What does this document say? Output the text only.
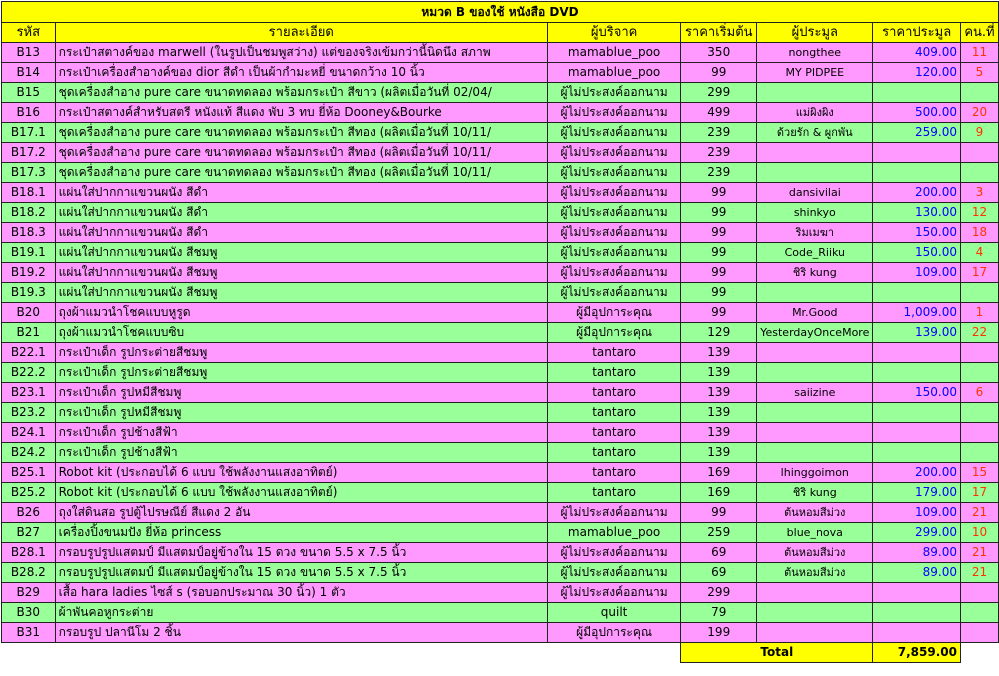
หมวด B ของใช้ หนังสือ DVD						
รหัส	รายละเอียด	ผู้บริจาค	ราคาเริ่มต้น	ผู้ประมูล	ราคาประมูล	คน.ที่
B13	กระเป๋าสตางค์ของ marwell (ในรูปเป็นชมพูสว่าง) แต่ของจริงเข้มกว่านี้นิดนึง สภาพ	mamablue_poo	350	nongthee	409.00	11
B14	กระเป๋าเครื่องสำอางค์ของ dior สีดำ เป็นผ้ากำมะหยี่ ขนาดกว้าง 10 นิ้ว	mamablue_poo	99	MY PIDPEE	120.00	5
B15	ชุดเครื่องสำอาง pure care ขนาดทดลอง พร้อมกระเป๋า สีขาว (ผลิตเมื่อวันที่ 02/04/	ผู้ไม่ประสงค์ออกนาม	299			
B16	กระเป๋าสตางค์สำหรับสตรี หนังแท้ สีแดง พับ 3 ทบ ยี่ห้อ Dooney&Bourke	ผู้ไม่ประสงค์ออกนาม	499	แม่ผิงผิง	500.00	20
B17.1	ชุดเครื่องสำอาง pure care ขนาดทดลอง พร้อมกระเป๋า สีทอง (ผลิตเมื่อวันที่ 10/11/	ผู้ไม่ประสงค์ออกนาม	239	ด้วยรัก & ผูกพัน	259.00	9
B17.2	ชุดเครื่องสำอาง pure care ขนาดทดลอง พร้อมกระเป๋า สีทอง (ผลิตเมื่อวันที่ 10/11/	ผู้ไม่ประสงค์ออกนาม	239			
B17.3	ชุดเครื่องสำอาง pure care ขนาดทดลอง พร้อมกระเป๋า สีทอง (ผลิตเมื่อวันที่ 10/11/	ผู้ไม่ประสงค์ออกนาม	239			
B18.1	แผ่นใส่ปากกาแขวนผนัง สีดำ	ผู้ไม่ประสงค์ออกนาม	99	dansivilai	200.00	3
B18.2	แผ่นใส่ปากกาแขวนผนัง สีดำ	ผู้ไม่ประสงค์ออกนาม	99	shinkyo	130.00	12
B18.3	แผ่นใส่ปากกาแขวนผนัง สีดำ	ผู้ไม่ประสงค์ออกนาม	99	ริมเมฆา	150.00	18
B19.1	แผ่นใส่ปากกาแขวนผนัง สีชมพู	ผู้ไม่ประสงค์ออกนาม	99	Code_Riiku	150.00	4
B19.2	แผ่นใส่ปากกาแขวนผนัง สีชมพู	ผู้ไม่ประสงค์ออกนาม	99	ชิริ kung	109.00	17
B19.3	แผ่นใส่ปากกาแขวนผนัง สีชมพู	ผู้ไม่ประสงค์ออกนาม	99			
B20	ถุงผ้าแมวนำโชคแบบหูรูด	ผู้มีอุปการะคุณ	99	Mr.Good	1,009.00	1
B21	ถุงผ้าแมวนำโชคแบบซิบ	ผู้มีอุปการะคุณ	129	YesterdayOnceMore	139.00	22
B22.1	กระเป๋าเด็ก รูปกระต่ายสีชมพู	tantaro	139			
B22.2	กระเป๋าเด็ก รูปกระต่ายสีชมพู	tantaro	139			
B23.1	กระเป๋าเด็ก รูปหมีสีชมพู	tantaro	139	saiizine	150.00	6
B23.2	กระเป๋าเด็ก รูปหมีสีชมพู	tantaro	139			
B24.1	กระเป๋าเด็ก รูปช้างสีฟ้า	tantaro	139			
B24.2	กระเป๋าเด็ก รูปช้างสีฟ้า	tantaro	139			
B25.1	Robot kit (ประกอบได้ 6 แบบ ใช้พลังงานแสงอาทิตย์)	tantaro	169	lhinggoimon	200.00	15
B25.2	Robot kit (ประกอบได้ 6 แบบ ใช้พลังงานแสงอาทิตย์)	tantaro	169	ชิริ kung	179.00	17
B26	ถุงใส่ดินสอ รูปตู้ไปรษณีย์ สีแดง 2 อัน	ผู้ไม่ประสงค์ออกนาม	99	ต้นหอมสีม่วง	109.00	21
B27	เครื่องปิ้งขนมปัง ยี่ห้อ princess	mamablue_poo	259	blue_nova	299.00	10
B28.1	กรอบรูปรูปแสตมป์ มีแสตมป์อยู่ข้างใน 15 ดวง ขนาด 5.5 x 7.5 นิ้ว	ผู้ไม่ประสงค์ออกนาม	69	ต้นหอมสีม่วง	89.00	21
B28.2	กรอบรูปรูปแสตมป์ มีแสตมป์อยู่ข้างใน 15 ดวง ขนาด 5.5 x 7.5 นิ้ว	ผู้ไม่ประสงค์ออกนาม	69	ต้นหอมสีม่วง	89.00	21
B29	เสื้อ hara ladies ไซส์ s (รอบอกประมาณ 30 นิ้ว) 1 ตัว	ผู้ไม่ประสงค์ออกนาม	299			
B30	ผ้าพันคอหูกระต่าย	quilt	79			
B31	กรอบรูป ปลานีโม 2 ชิ้น	ผู้มีอุปการะคุณ	199			
			Total		7,859.00	
